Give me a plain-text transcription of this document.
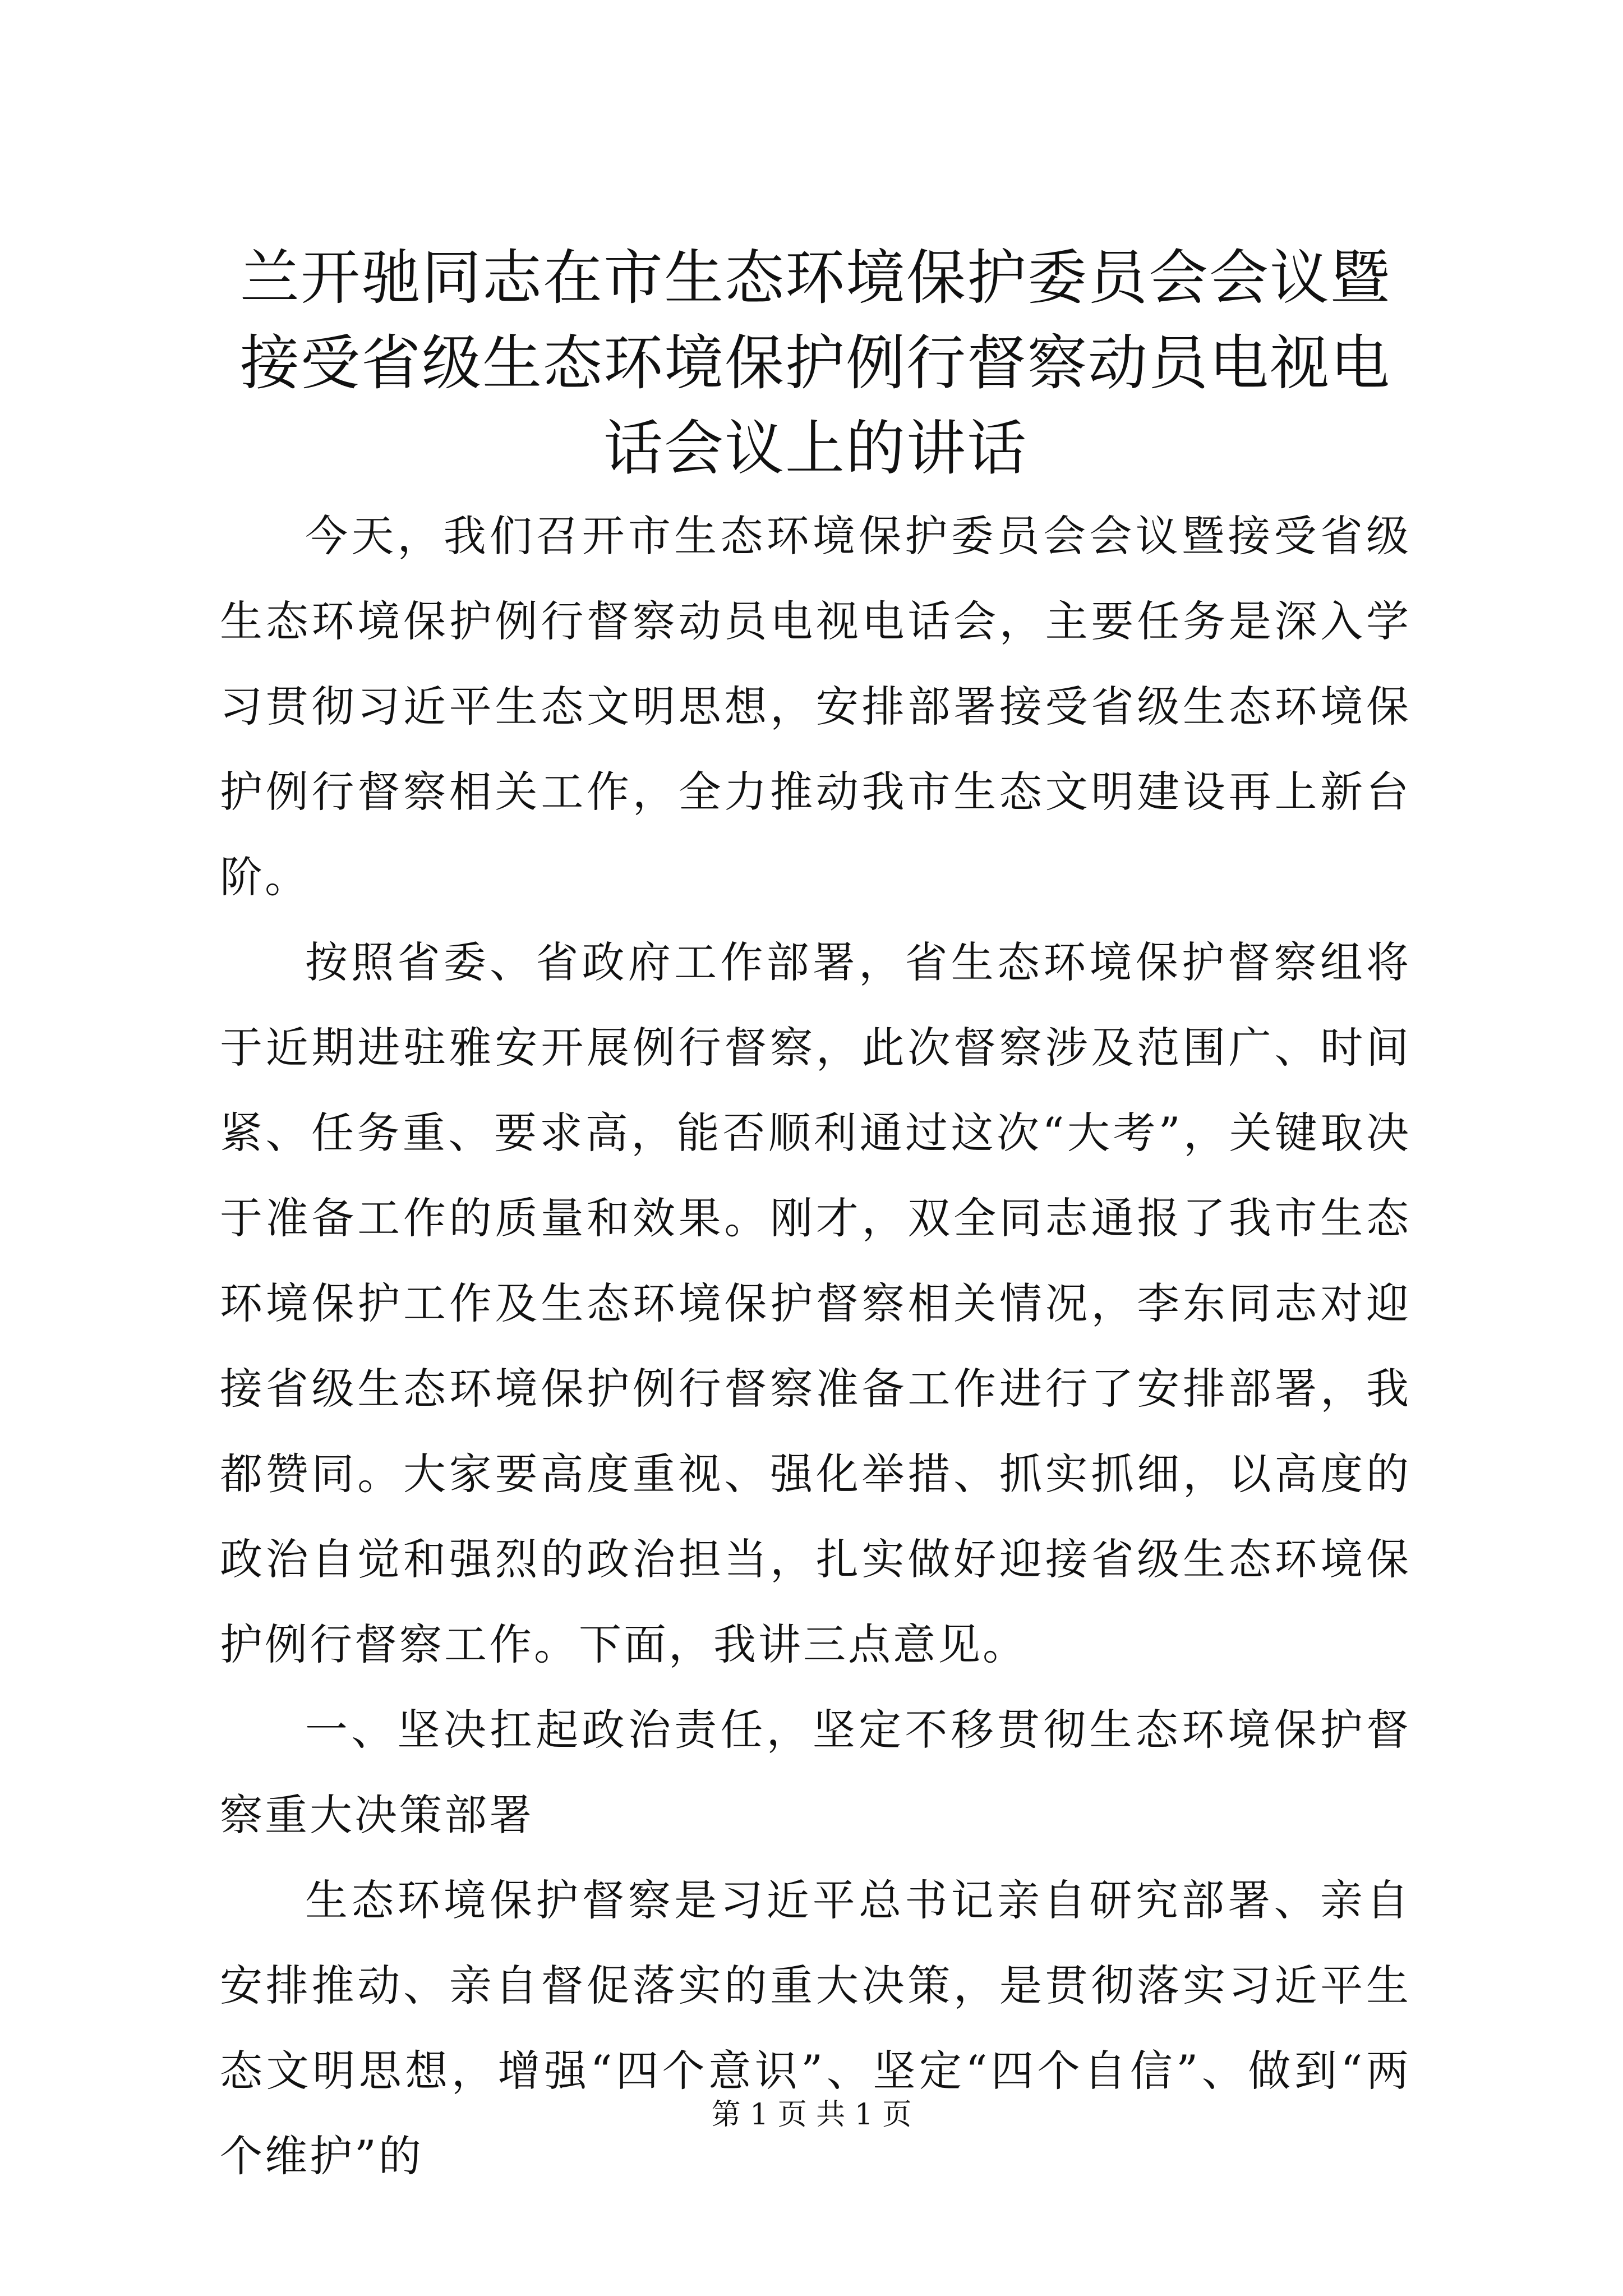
兰开驰同志在市生态环境保护委员会会议暨接受省级生态环境保护例行督察动员电视电话会议上的讲话

今天，我们召开市生态环境保护委员会会议暨接受省级生态环境保护例行督察动员电视电话会，主要任务是深入学习贯彻习近平生态文明思想，安排部署接受省级生态环境保护例行督察相关工作，全力推动我市生态文明建设再上新台阶。

按照省委、省政府工作部署，省生态环境保护督察组将于近期进驻雅安开展例行督察，此次督察涉及范围广、时间紧、任务重、要求高，能否顺利通过这次“大考”，关键取决于准备工作的质量和效果。刚才，双全同志通报了我市生态环境保护工作及生态环境保护督察相关情况，李东同志对迎接省级生态环境保护例行督察准备工作进行了安排部署，我都赞同。大家要高度重视、强化举措、抓实抓细，以高度的政治自觉和强烈的政治担当，扎实做好迎接省级生态环境保护例行督察工作。下面，我讲三点意见。

一、坚决扛起政治责任，坚定不移贯彻生态环境保护督察重大决策部署

生态环境保护督察是习近平总书记亲自研究部署、亲自安排推动、亲自督促落实的重大决策，是贯彻落实习近平生态文明思想，增强“四个意识”、坚定“四个自信”、做到“两个维护”的

第 1 页 共 1 页
